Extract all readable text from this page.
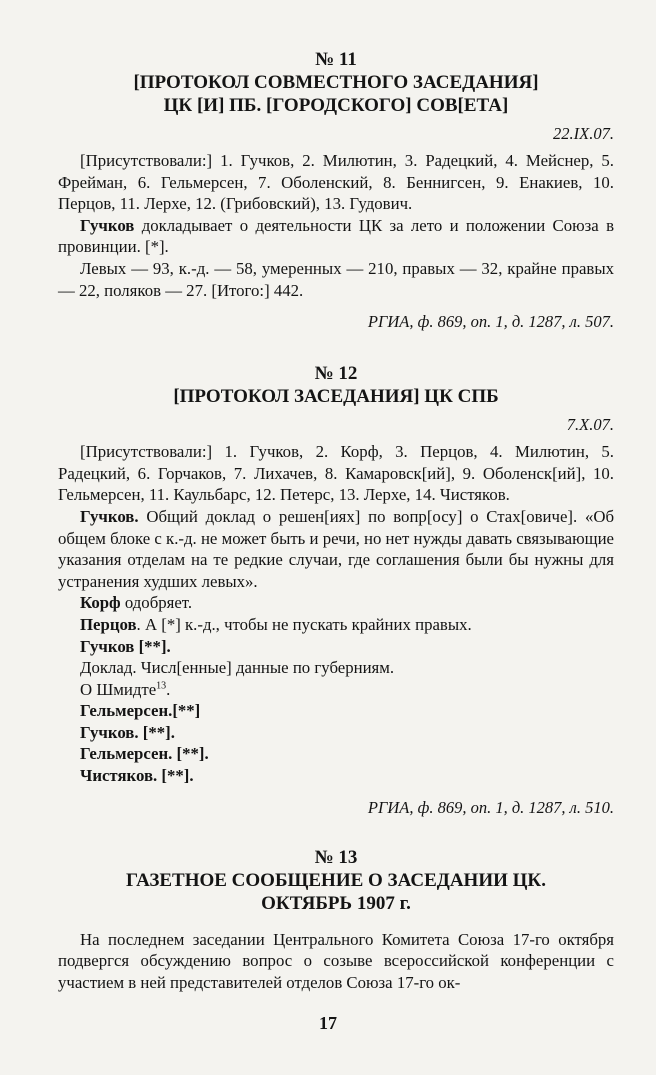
№ 11
[ПРОТОКОЛ СОВМЕСТНОГО ЗАСЕДАНИЯ]
ЦК [И] ПБ. [ГОРОДСКОГО] СОВ[ЕТА]
22.IX.07.

[Присутствовали:] 1. Гучков, 2. Милютин, 3. Радецкий, 4. Мейснер, 5. Фрейман, 6. Гельмерсен, 7. Оболенский, 8. Беннигсен, 9. Енакиев, 10. Перцов, 11. Лерхе, 12. (Грибовский), 13. Гудович.

Гучков докладывает о деятельности ЦК за лето и положении Союза в провинции. [*].

Левых — 93, к.-д. — 58, умеренных — 210, правых — 32, крайне правых — 22, поляков — 27. [Итого:] 442.

РГИА, ф. 869, оп. 1, д. 1287, л. 507.
№ 12
[ПРОТОКОЛ ЗАСЕДАНИЯ] ЦК СПБ
7.X.07.

[Присутствовали:] 1. Гучков, 2. Корф, 3. Перцов, 4. Милютин, 5. Радецкий, 6. Горчаков, 7. Лихачев, 8. Камаровск[ий], 9. Оболенск[ий], 10. Гельмерсен, 11. Каульбарс, 12. Петерс, 13. Лерхе, 14. Чистяков.

Гучков. Общий доклад о решен[иях] по вопр[осу] о Стах[овиче]. «Об общем блоке с к.-д. не может быть и речи, но нет нужды давать связывающие указания отделам на те редкие случаи, где соглашения были бы нужны для устранения худших левых».

Корф одобряет.

Перцов. А [*] к.-д., чтобы не пускать крайних правых.

Гучков [**].

Доклад. Числ[енные] данные по губерниям.

О Шмидте$^{13}$.

Гельмерсен.[**]

Гучков. [**].

Гельмерсен. [**].

Чистяков. [**].

РГИА, ф. 869, оп. 1, д. 1287, л. 510.
№ 13
ГАЗЕТНОЕ СООБЩЕНИЕ О ЗАСЕДАНИИ ЦК.
ОКТЯБРЬ 1907 г.

На последнем заседании Центрального Комитета Союза 17-го октября подвергся обсуждению вопрос о созыве всероссийской конференции с участием в ней представителей отделов Союза 17-го ок-

17
